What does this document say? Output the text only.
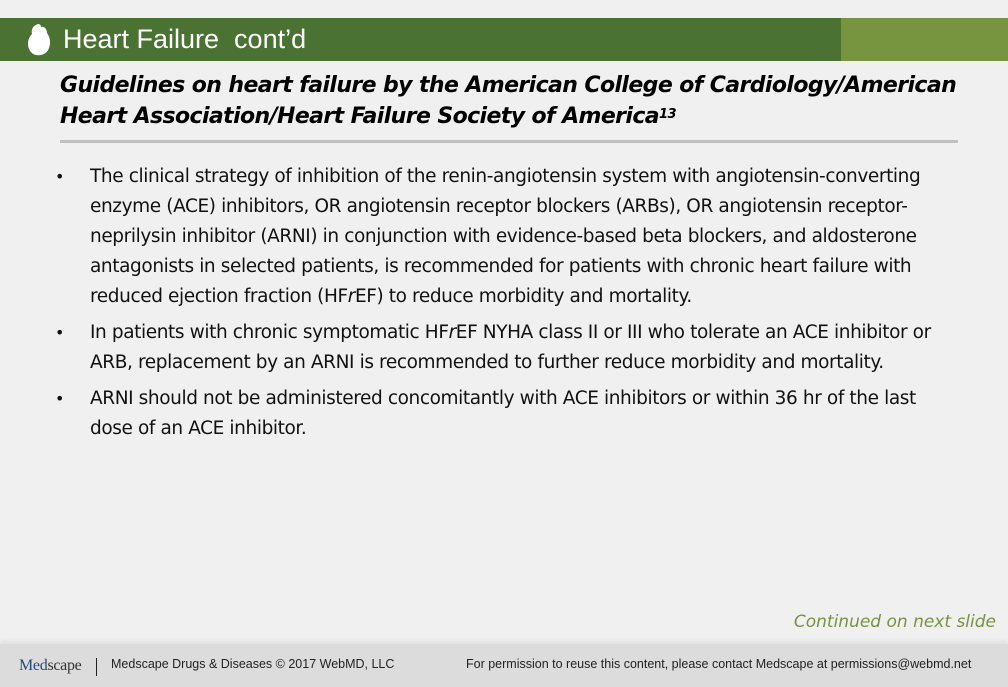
Heart Failure  cont’d
Guidelines on heart failure by the American College of Cardiology/American
Heart Association/Heart Failure Society of America$^{13}$
• The clinical strategy of inhibition of the renin-angiotensin system with angiotensin-converting enzyme (ACE) inhibitors, OR angiotensin receptor blockers (ARBs), OR angiotensin receptor-neprilysin inhibitor (ARNI) in conjunction with evidence-based beta blockers, and aldosterone antagonists in selected patients, is recommended for patients with chronic heart failure with reduced ejection fraction (HFrEF) to reduce morbidity and mortality.
• In patients with chronic symptomatic HFrEF NYHA class II or III who tolerate an ACE inhibitor or ARB, replacement by an ARNI is recommended to further reduce morbidity and mortality.
• ARNI should not be administered concomitantly with ACE inhibitors or within 36 hr of the last dose of an ACE inhibitor.
Continued on next slide
Medscape Medscape Drugs & Diseases © 2017 WebMD, LLC	For permission to reuse this content, please contact Medscape at permissions@webmd.net
